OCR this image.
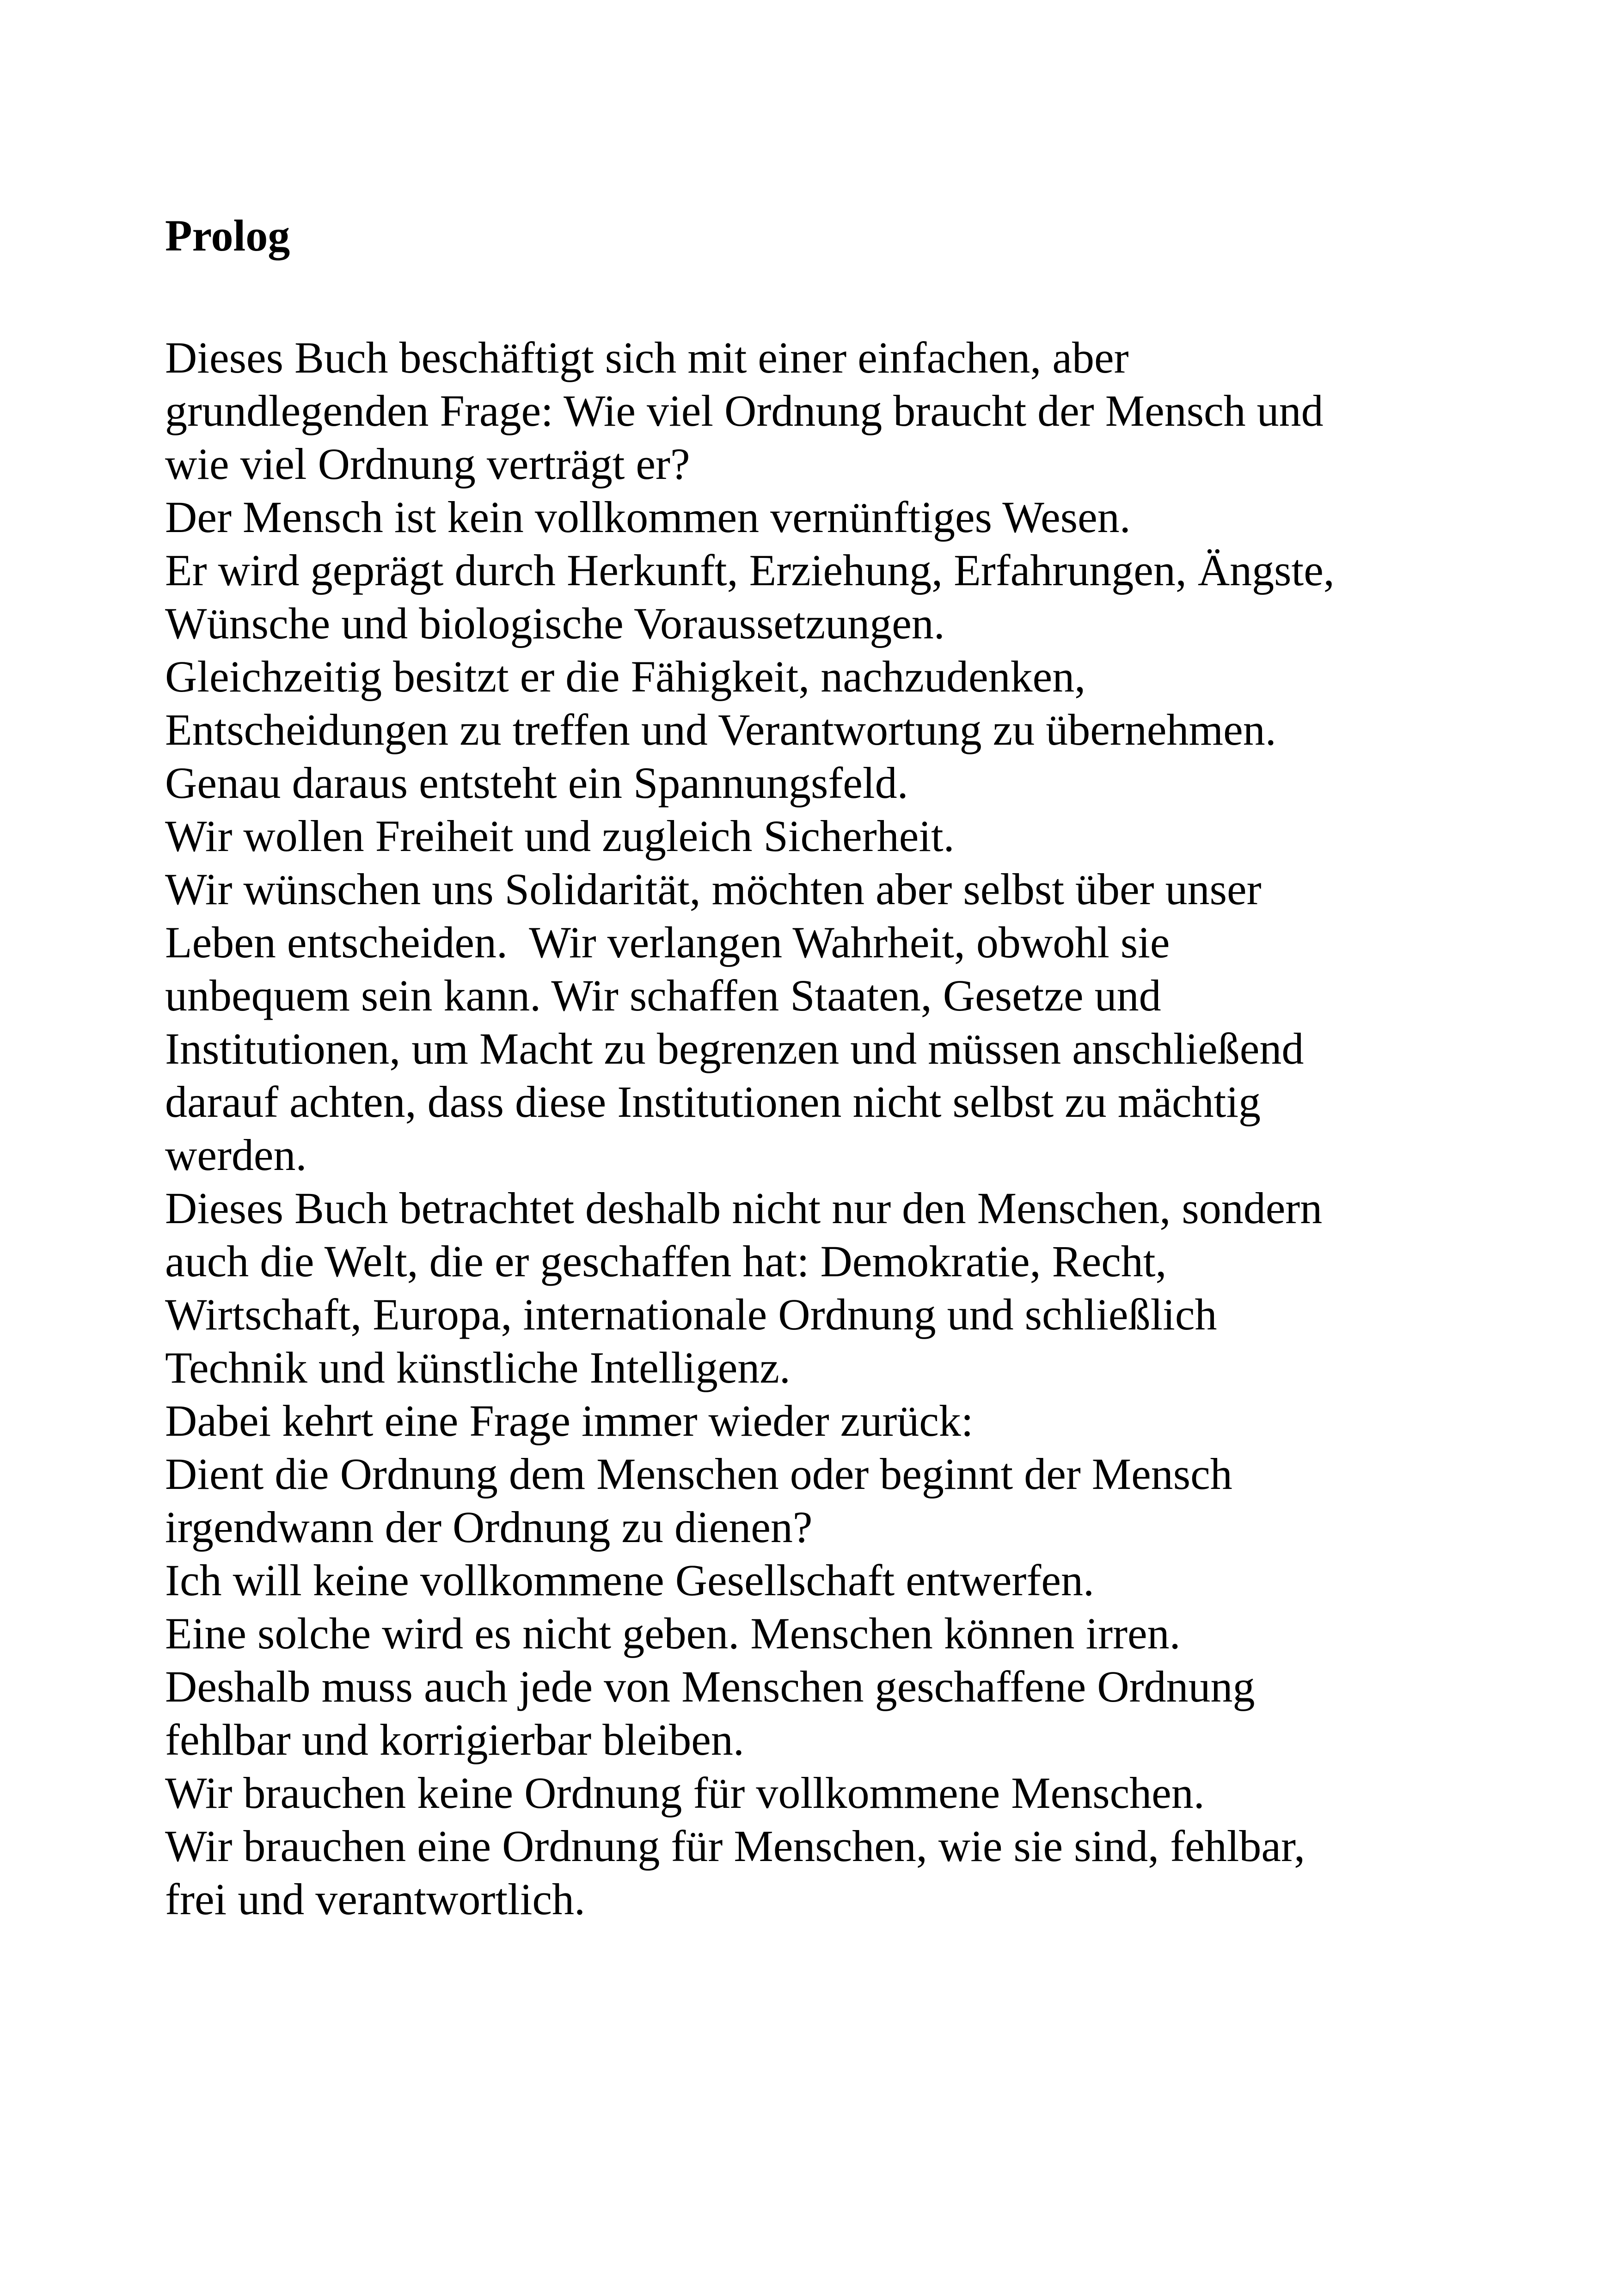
Prolog
Dieses Buch beschäftigt sich mit einer einfachen, aber
grundlegenden Frage: Wie viel Ordnung braucht der Mensch und
wie viel Ordnung verträgt er?
Der Mensch ist kein vollkommen vernünftiges Wesen.
Er wird geprägt durch Herkunft, Erziehung, Erfahrungen, Ängste,
Wünsche und biologische Voraussetzungen.
Gleichzeitig besitzt er die Fähigkeit, nachzudenken,
Entscheidungen zu treffen und Verantwortung zu übernehmen.
Genau daraus entsteht ein Spannungsfeld.
Wir wollen Freiheit und zugleich Sicherheit.
Wir wünschen uns Solidarität, möchten aber selbst über unser
Leben entscheiden.  Wir verlangen Wahrheit, obwohl sie
unbequem sein kann. Wir schaffen Staaten, Gesetze und
Institutionen, um Macht zu begrenzen und müssen anschließend
darauf achten, dass diese Institutionen nicht selbst zu mächtig
werden.
Dieses Buch betrachtet deshalb nicht nur den Menschen, sondern
auch die Welt, die er geschaffen hat: Demokratie, Recht,
Wirtschaft, Europa, internationale Ordnung und schließlich
Technik und künstliche Intelligenz.
Dabei kehrt eine Frage immer wieder zurück:
Dient die Ordnung dem Menschen oder beginnt der Mensch
irgendwann der Ordnung zu dienen?
Ich will keine vollkommene Gesellschaft entwerfen.
Eine solche wird es nicht geben. Menschen können irren.
Deshalb muss auch jede von Menschen geschaffene Ordnung
fehlbar und korrigierbar bleiben.
Wir brauchen keine Ordnung für vollkommene Menschen.
Wir brauchen eine Ordnung für Menschen, wie sie sind, fehlbar,
frei und verantwortlich.
